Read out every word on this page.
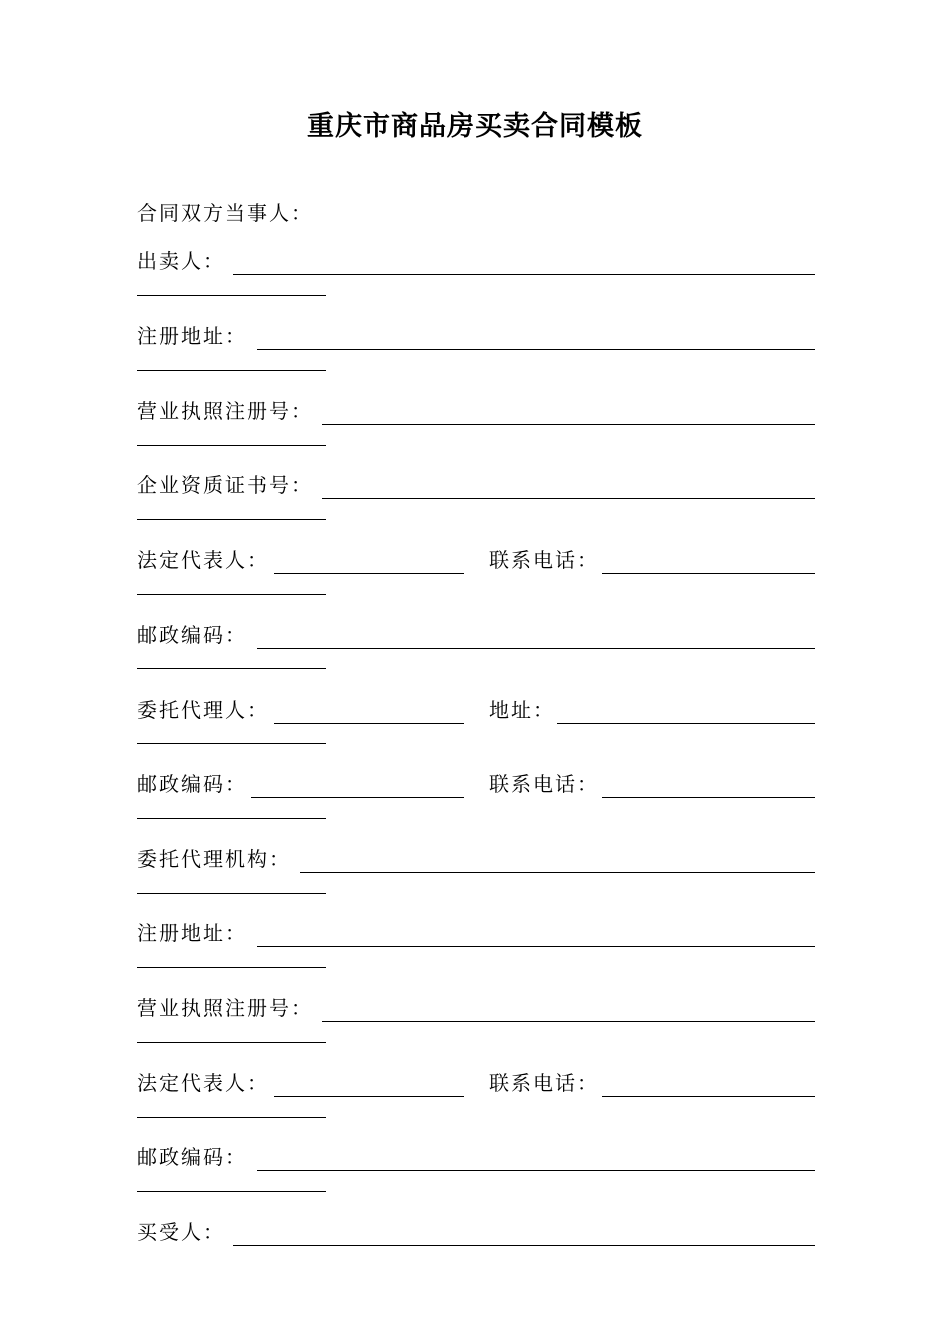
重庆市商品房买卖合同模板
合同双方当事人：
出卖人：
注册地址：
营业执照注册号：
企业资质证书号：
法定代表人：	联系电话：
邮政编码：
委托代理人：	地址：
邮政编码：	联系电话：
委托代理机构：
注册地址：
营业执照注册号：
法定代表人：	联系电话：
邮政编码：
买受人：
